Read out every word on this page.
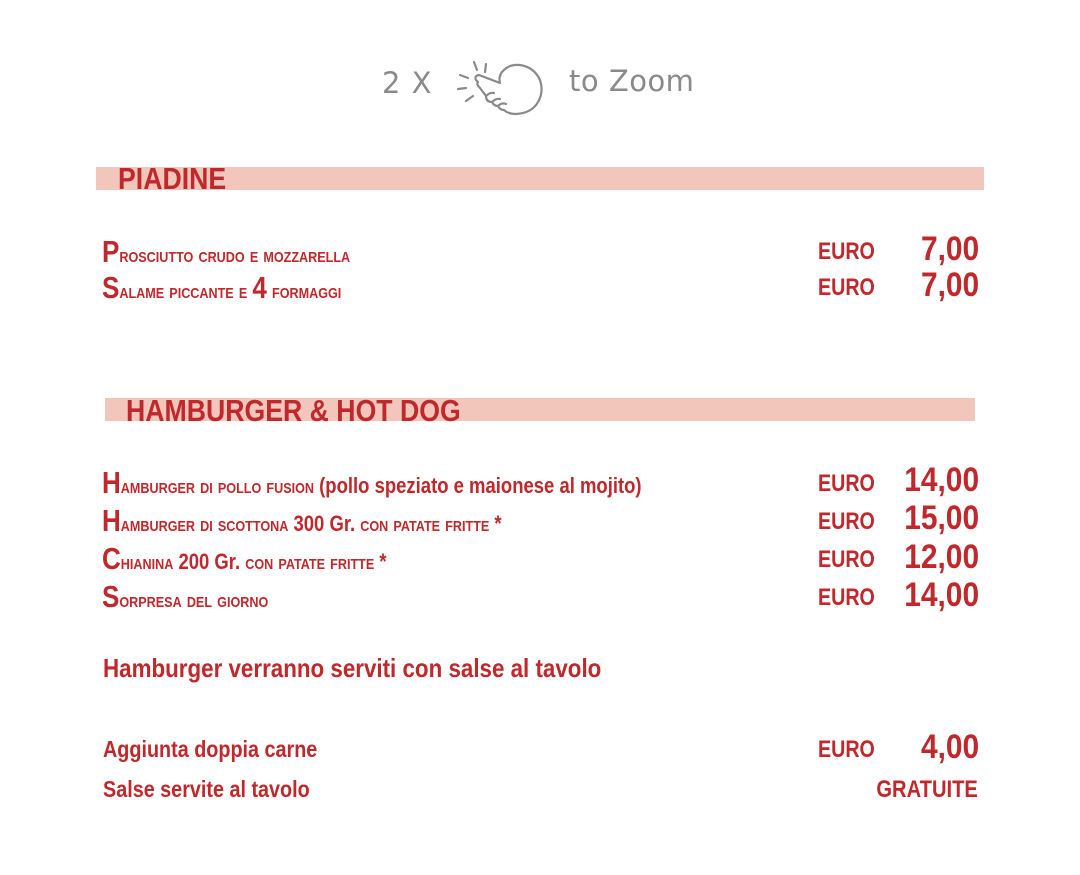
2 X	to Zoom
PIADINE
Prosciutto crudo e mozzarella	EURO 7,00
Salame piccante e 4 formaggi	EURO 7,00
HAMBURGER & HOT DOG
Hamburger di pollo fusion (pollo speziato e maionese al mojito)	EURO 14,00
Hamburger di scottona 300 Gr. con patate fritte *	EURO 15,00
Chianina 200 Gr. con patate fritte *	EURO 12,00
Sorpresa del giorno	EURO 14,00
Hamburger verranno serviti con salse al tavolo
Aggiunta doppia carne	EURO 4,00
Salse servite al tavolo	GRATUITE
